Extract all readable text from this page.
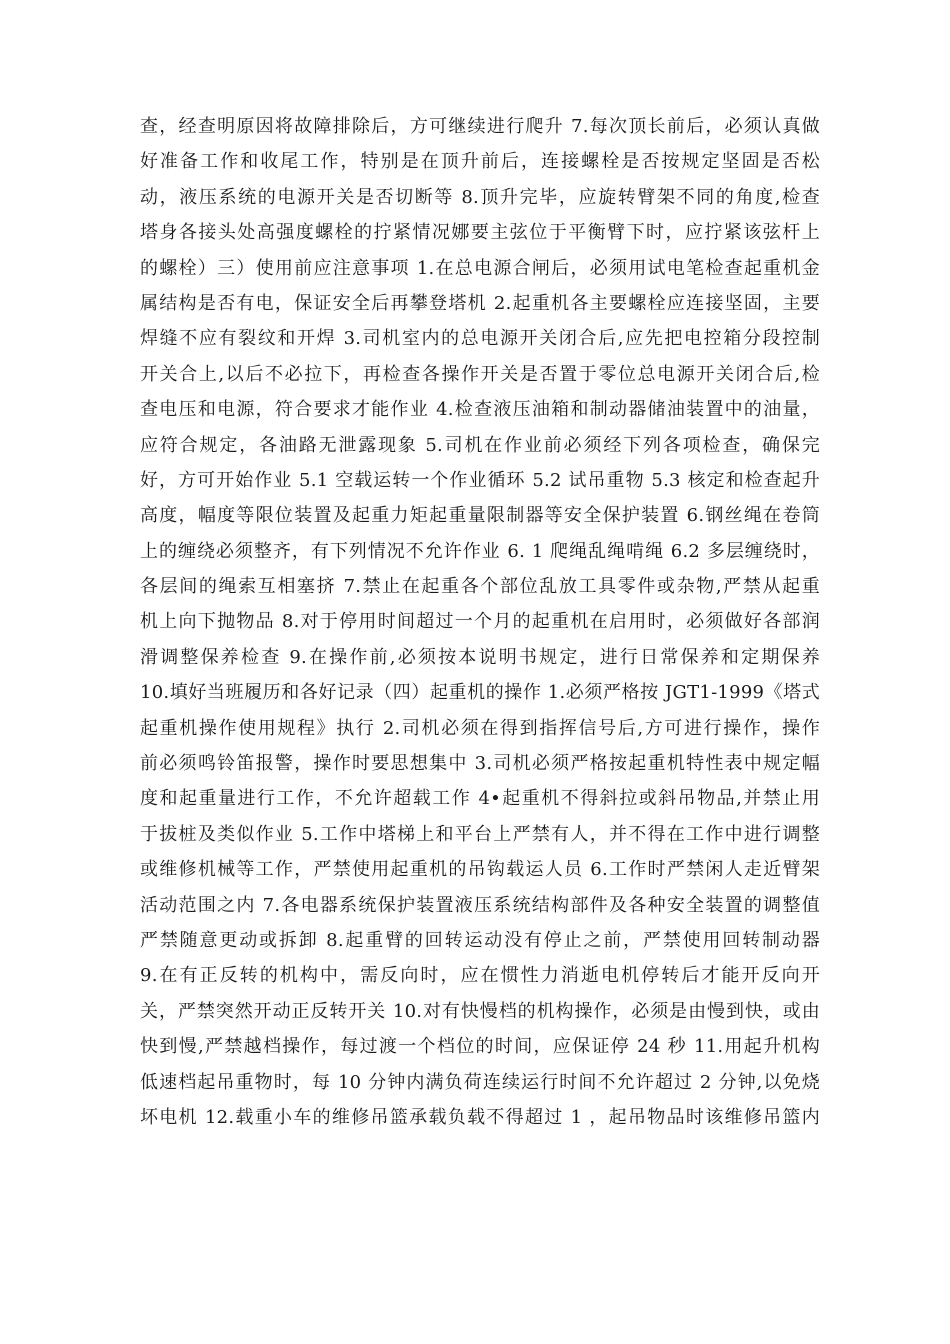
查，经查明原因将故障排除后，方可继续进行爬升 7.每次顶长前后，必须认真做
好准备工作和收尾工作，特别是在顶升前后，连接螺栓是否按规定坚固是否松
动，液压系统的电源开关是否切断等 8.顶升完毕，应旋转臂架不同的角度,检查
塔身各接头处高强度螺栓的拧紧情况娜要主弦位于平衡臂下时，应拧紧该弦杆上
的螺栓）三）使用前应注意事项 1.在总电源合闸后，必须用试电笔检查起重机金
属结构是否有电，保证安全后再攀登塔机 2.起重机各主要螺栓应连接坚固，主要
焊缝不应有裂纹和开焊 3.司机室内的总电源开关闭合后,应先把电控箱分段控制
开关合上,以后不必拉下，再检查各操作开关是否置于零位总电源开关闭合后,检
查电压和电源，符合要求才能作业 4.检查液压油箱和制动器储油装置中的油量，
应符合规定，各油路无泄露现象 5.司机在作业前必须经下列各项检查，确保完
好，方可开始作业 5.1 空载运转一个作业循环 5.2 试吊重物 5.3 核定和检查起升
高度，幅度等限位装置及起重力矩起重量限制器等安全保护装置 6.钢丝绳在卷筒
上的缠绕必须整齐，有下列情况不允许作业 6. 1 爬绳乱绳啃绳 6.2 多层缠绕时，
各层间的绳索互相塞挤 7.禁止在起重各个部位乱放工具零件或杂物,严禁从起重
机上向下抛物品 8.对于停用时间超过一个月的起重机在启用时，必须做好各部润
滑调整保养检查 9.在操作前,必须按本说明书规定，进行日常保养和定期保养
10.填好当班履历和各好记录（四）起重机的操作 1.必须严格按 JGT1-1999《塔式
起重机操作使用规程》执行 2.司机必须在得到指挥信号后,方可进行操作，操作
前必须鸣铃笛报警，操作时要思想集中 3.司机必须严格按起重机特性表中规定幅
度和起重量进行工作，不允许超载工作 4•起重机不得斜拉或斜吊物品,并禁止用
于拔桩及类似作业 5.工作中塔梯上和平台上严禁有人，并不得在工作中进行调整
或维修机械等工作，严禁使用起重机的吊钩载运人员 6.工作时严禁闲人走近臂架
活动范围之内 7.各电器系统保护装置液压系统结构部件及各种安全装置的调整值
严禁随意更动或拆卸 8.起重臂的回转运动没有停止之前，严禁使用回转制动器
9.在有正反转的机构中，需反向时，应在惯性力消逝电机停转后才能开反向开
关，严禁突然开动正反转开关 10.对有快慢档的机构操作，必须是由慢到快，或由
快到慢,严禁越档操作，每过渡一个档位的时间，应保证停 24 秒 11.用起升机构
低速档起吊重物时，每 10 分钟内满负荷连续运行时间不允许超过 2 分钟,以免烧
坏电机 12.载重小车的维修吊篮承载负载不得超过 1 ，起吊物品时该维修吊篮内
